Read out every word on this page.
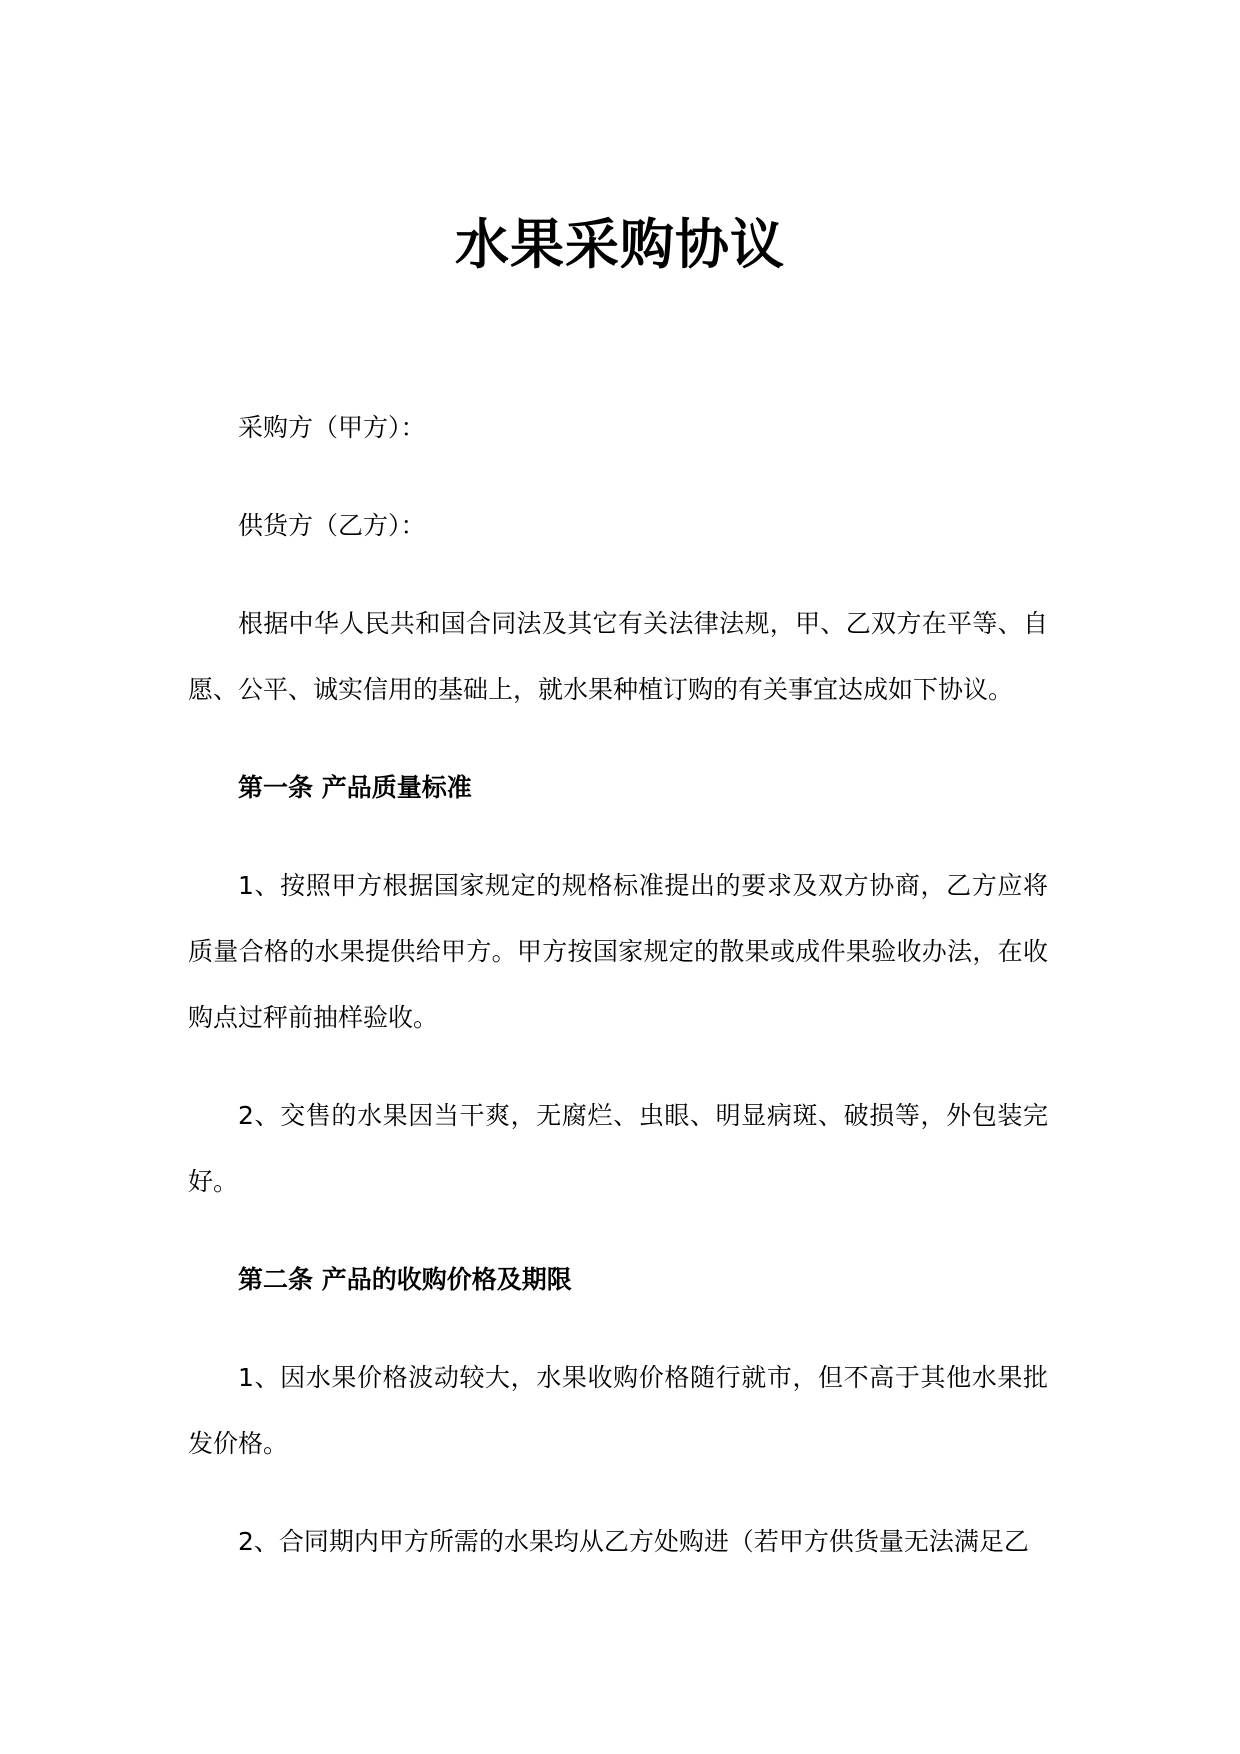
水果采购协议

采购方（甲方）：

供货方（乙方）：

根据中华人民共和国合同法及其它有关法律法规，甲、乙双方在平等、自愿、公平、诚实信用的基础上，就水果种植订购的有关事宜达成如下协议。

第一条 产品质量标准

1、按照甲方根据国家规定的规格标准提出的要求及双方协商，乙方应将质量合格的水果提供给甲方。甲方按国家规定的散果或成件果验收办法，在收购点过秤前抽样验收。

2、交售的水果因当干爽，无腐烂、虫眼、明显病斑、破损等，外包装完好。

第二条 产品的收购价格及期限

1、因水果价格波动较大，水果收购价格随行就市，但不高于其他水果批发价格。

2、合同期内甲方所需的水果均从乙方处购进（若甲方供货量无法满足乙
